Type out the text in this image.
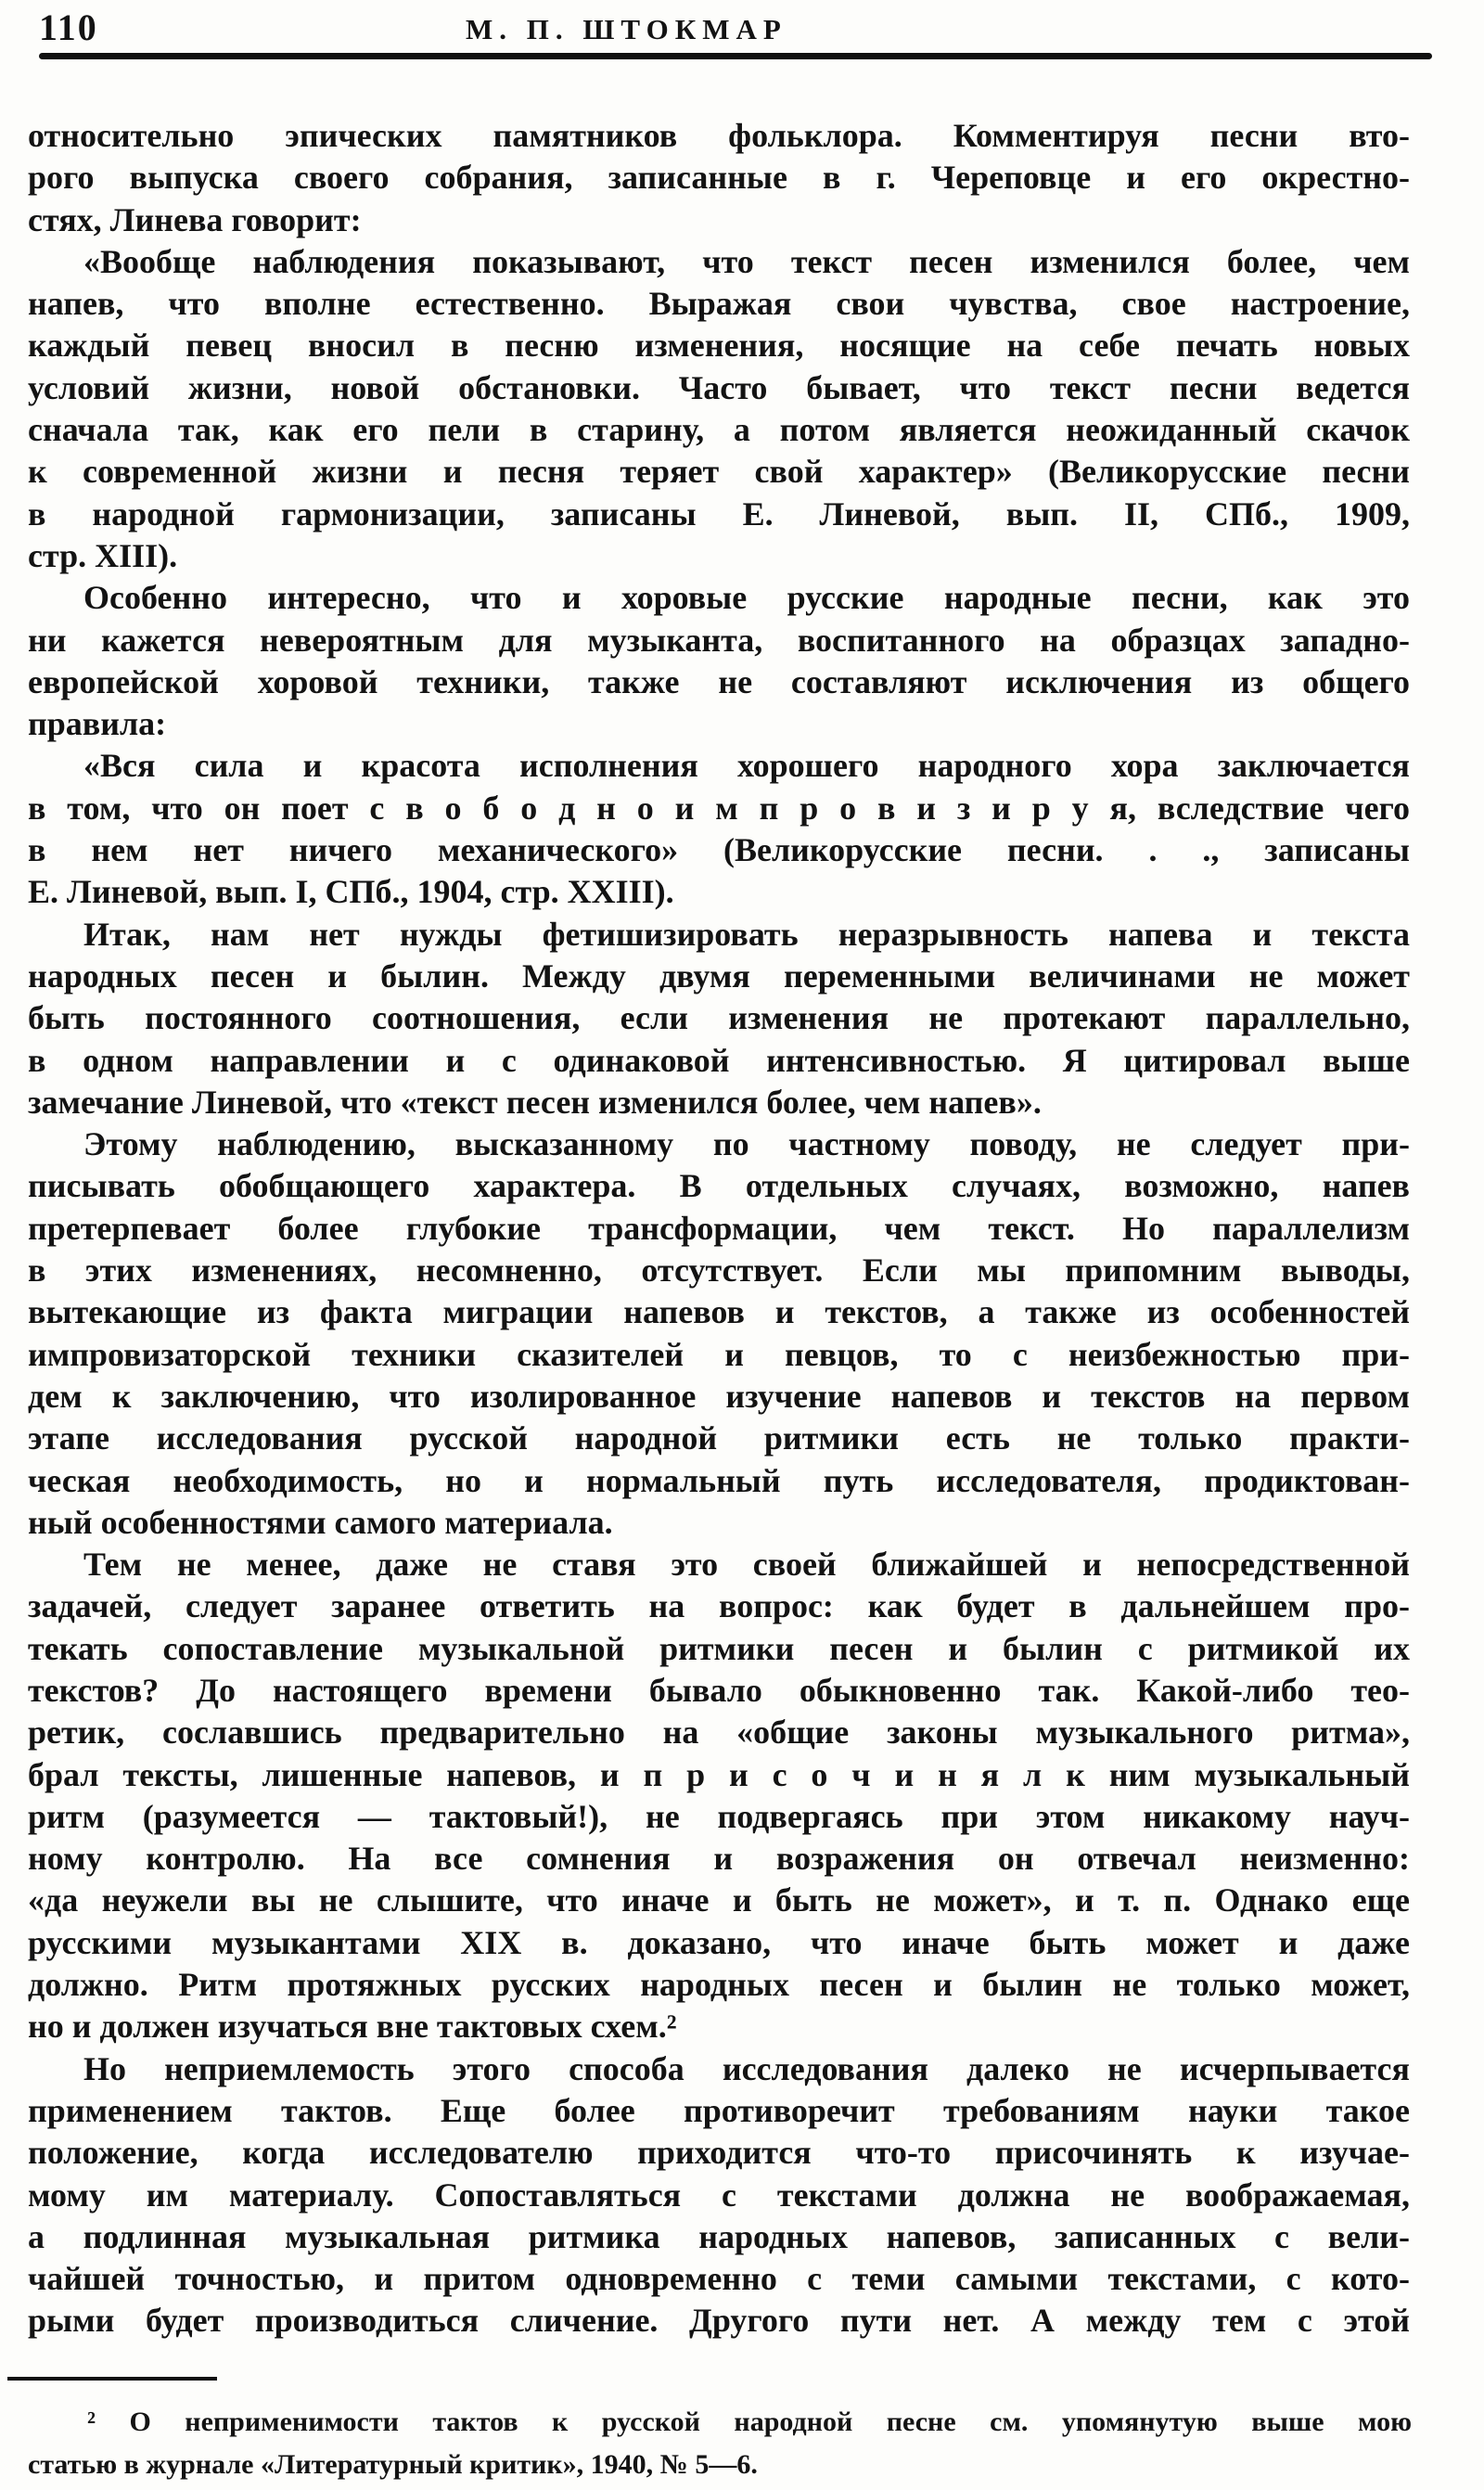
110	М. П. ШТОКМАР
относительно эпических памятников фольклора. Комментируя песни вто-
рого выпуска своего собрания, записанные в г. Череповце и его окрестно-
стях, Линева говорит:
«Вообще наблюдения показывают, что текст песен изменился более, чем
напев, что вполне естественно. Выражая свои чувства, свое настроение,
каждый певец вносил в песню изменения, носящие на себе печать новых
условий жизни, новой обстановки. Часто бывает, что текст песни ведется
сначала так, как его пели в старину, а потом является неожиданный скачок
к современной жизни и песня теряет свой характер» (Великорусские песни
в народной гармонизации, записаны Е. Линевой, вып. II, СПб., 1909,
стр. XIII).
Особенно интересно, что и хоровые русские народные песни, как это
ни кажется невероятным для музыканта, воспитанного на образцах западно-
европейской хоровой техники, также не составляют исключения из общего
правила:
«Вся сила и красота исполнения хорошего народного хора заключается
в том, что он поет с в о б о д н о и м п р о в и з и р у я, вследствие чего
в нем нет ничего механического» (Великорусские песни. . ., записаны
Е. Линевой, вып. I, СПб., 1904, стр. XXIII).
Итак, нам нет нужды фетишизировать неразрывность напева и текста
народных песен и былин. Между двумя переменными величинами не может
быть постоянного соотношения, если изменения не протекают параллельно,
в одном направлении и с одинаковой интенсивностью. Я цитировал выше
замечание Линевой, что «текст песен изменился более, чем напев».
Этому наблюдению, высказанному по частному поводу, не следует при-
писывать обобщающего характера. В отдельных случаях, возможно, напев
претерпевает более глубокие трансформации, чем текст. Но параллелизм
в этих изменениях, несомненно, отсутствует. Если мы припомним выводы,
вытекающие из факта миграции напевов и текстов, а также из особенностей
импровизаторской техники сказителей и певцов, то с неизбежностью при-
дем к заключению, что изолированное изучение напевов и текстов на первом
этапе исследования русской народной ритмики есть не только практи-
ческая необходимость, но и нормальный путь исследователя, продиктован-
ный особенностями самого материала.
Тем не менее, даже не ставя это своей ближайшей и непосредственной
задачей, следует заранее ответить на вопрос: как будет в дальнейшем про-
текать сопоставление музыкальной ритмики песен и былин с ритмикой их
текстов? До настоящего времени бывало обыкновенно так. Какой-либо тео-
ретик, сославшись предварительно на «общие законы музыкального ритма»,
брал тексты, лишенные напевов, и п р и с о ч и н я л к ним музыкальный
ритм (разумеется — тактовый!), не подвергаясь при этом никакому науч-
ному контролю. На все сомнения и возражения он отвечал неизменно:
«да неужели вы не слышите, что иначе и быть не может», и т. п. Однако еще
русскими музыкантами XIX в. доказано, что иначе быть может и даже
должно. Ритм протяжных русских народных песен и былин не только может,
но и должен изучаться вне тактовых схем.²
Но неприемлемость этого способа исследования далеко не исчерпывается
применением тактов. Еще более противоречит требованиям науки такое
положение, когда исследователю приходится что-то присочинять к изучае-
мому им материалу. Сопоставляться с текстами должна не воображаемая,
а подлинная музыкальная ритмика народных напевов, записанных с вели-
чайшей точностью, и притом одновременно с теми самыми текстами, с кото-
рыми будет производиться сличение. Другого пути нет. А между тем с этой
² О неприменимости тактов к русской народной песне см. упомянутую выше мою
статью в журнале «Литературный критик», 1940, № 5—6.
